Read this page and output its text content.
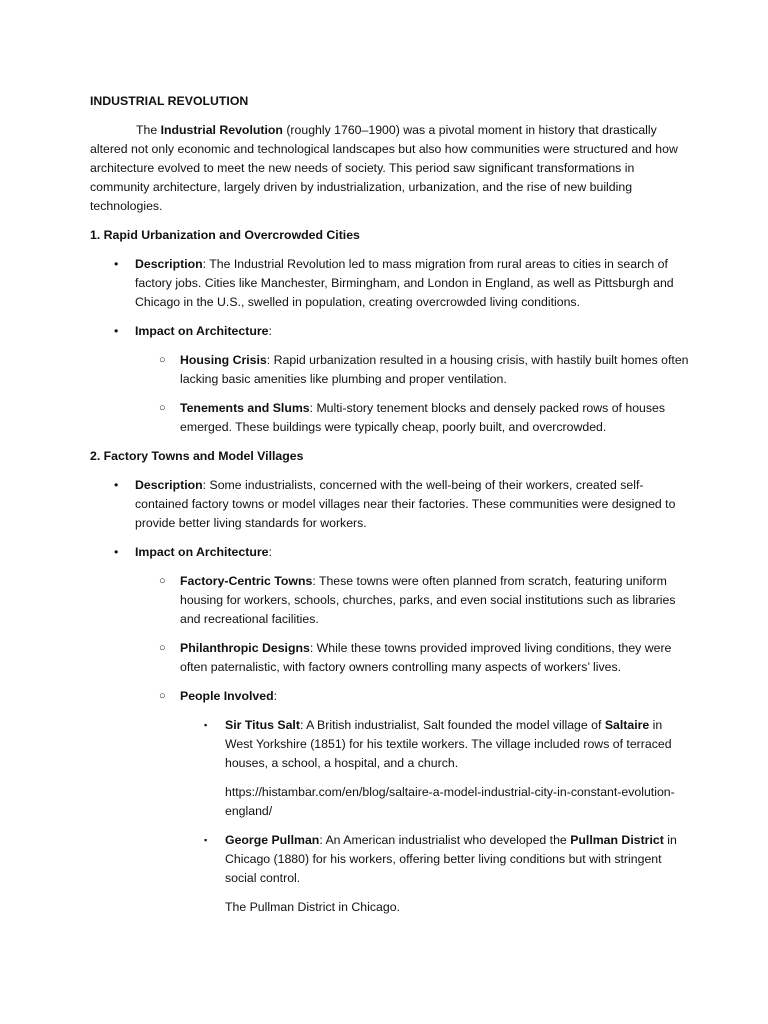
INDUSTRIAL REVOLUTION

The Industrial Revolution (roughly 1760–1900) was a pivotal moment in history that drastically altered not only economic and technological landscapes but also how communities were structured and how architecture evolved to meet the new needs of society. This period saw significant transformations in community architecture, largely driven by industrialization, urbanization, and the rise of new building technologies.

1. Rapid Urbanization and Overcrowded Cities
• Description: The Industrial Revolution led to mass migration from rural areas to cities in search of factory jobs. Cities like Manchester, Birmingham, and London in England, as well as Pittsburgh and Chicago in the U.S., swelled in population, creating overcrowded living conditions.
• Impact on Architecture:
○ Housing Crisis: Rapid urbanization resulted in a housing crisis, with hastily built homes often lacking basic amenities like plumbing and proper ventilation.
○ Tenements and Slums: Multi-story tenement blocks and densely packed rows of houses emerged. These buildings were typically cheap, poorly built, and overcrowded.
2. Factory Towns and Model Villages
• Description: Some industrialists, concerned with the well-being of their workers, created self-contained factory towns or model villages near their factories. These communities were designed to provide better living standards for workers.
• Impact on Architecture:
○ Factory-Centric Towns: These towns were often planned from scratch, featuring uniform housing for workers, schools, churches, parks, and even social institutions such as libraries and recreational facilities.
○ Philanthropic Designs: While these towns provided improved living conditions, they were often paternalistic, with factory owners controlling many aspects of workers’ lives.
○ People Involved:
▪ Sir Titus Salt: A British industrialist, Salt founded the model village of Saltaire in West Yorkshire (1851) for his textile workers. The village included rows of terraced houses, a school, a hospital, and a church.
https://histambar.com/en/blog/saltaire-a-model-industrial-city-in-constant-evolution-england/
▪ George Pullman: An American industrialist who developed the Pullman District in Chicago (1880) for his workers, offering better living conditions but with stringent social control.
The Pullman District in Chicago.
